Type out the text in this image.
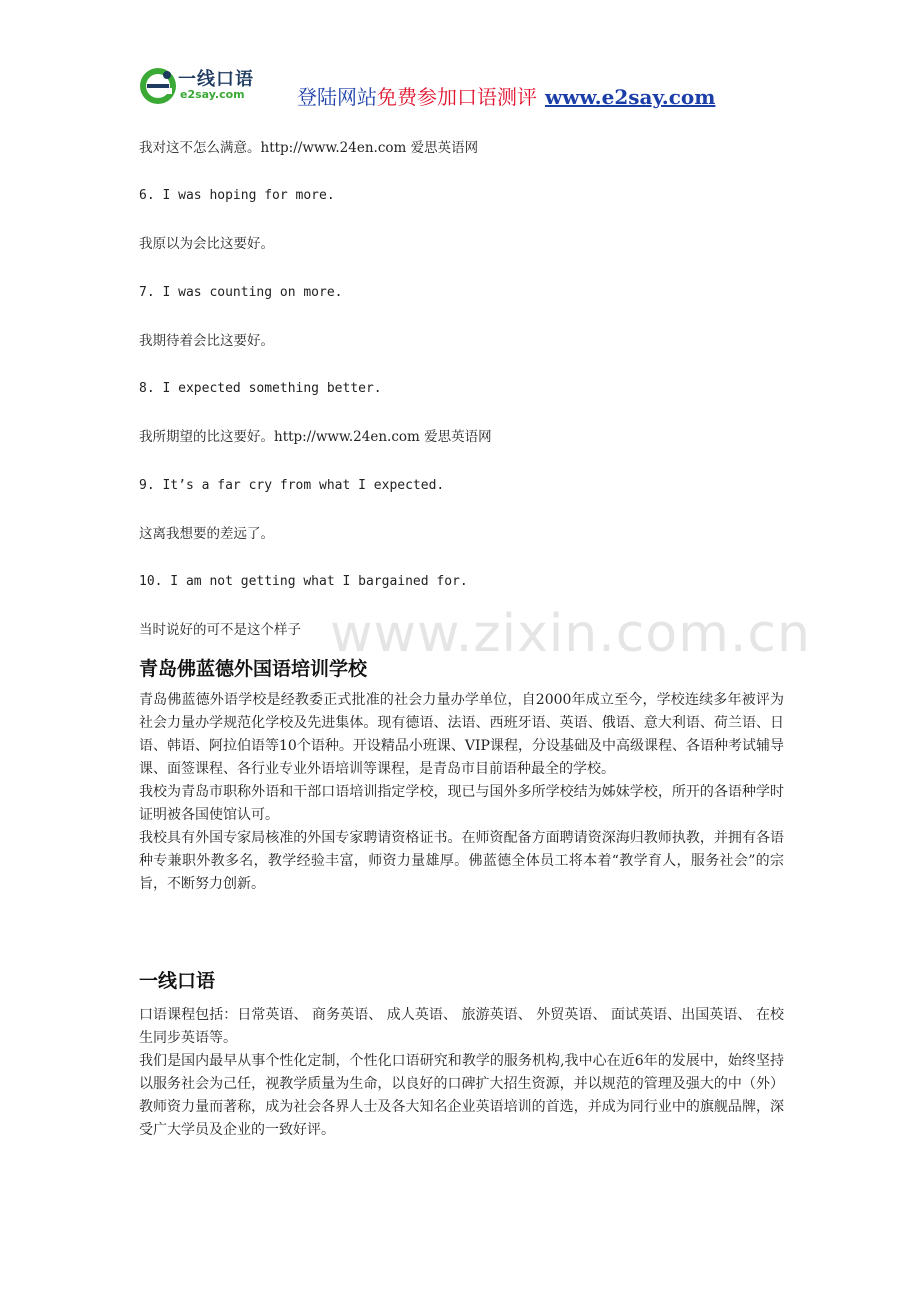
一线口语
e2say.com	登陆网站免费参加口语测评 www.e2say.com
我对这不怎么满意。http://www.24en.com 爱思英语网
6. I was hoping for more.
我原以为会比这要好。
7. I was counting on more.
我期待着会比这要好。
8. I expected something better.
我所期望的比这要好。http://www.24en.com 爱思英语网
9. It’s a far cry from what I expected.
这离我想要的差远了。
10. I am not getting what I bargained for.
当时说好的可不是这个样子 www.zixin.com.cn
青岛佛蓝德外国语培训学校

青岛佛蓝德外语学校是经教委正式批准的社会力量办学单位，自2000年成立至今，学校连续多年被评为社会力量办学规范化学校及先进集体。现有德语、法语、西班牙语、英语、俄语、意大利语、荷兰语、日语、韩语、阿拉伯语等10个语种。开设精品小班课、VIP课程，分设基础及中高级课程、各语种考试辅导课、面签课程、各行业专业外语培训等课程，是青岛市目前语种最全的学校。

我校为青岛市职称外语和干部口语培训指定学校，现已与国外多所学校结为姊妹学校，所开的各语种学时证明被各国使馆认可。

我校具有外国专家局核准的外国专家聘请资格证书。在师资配备方面聘请资深海归教师执教，并拥有各语种专兼职外教多名，教学经验丰富，师资力量雄厚。佛蓝德全体员工将本着“教学育人，服务社会”的宗旨，不断努力创新。

一线口语

口语课程包括：日常英语、 商务英语、 成人英语、 旅游英语、 外贸英语、 面试英语、出国英语、 在校生同步英语等。

我们是国内最早从事个性化定制，个性化口语研究和教学的服务机构,我中心在近6年的发展中，始终坚持以服务社会为己任，视教学质量为生命，以良好的口碑扩大招生资源，并以规范的管理及强大的中（外）教师资力量而著称，成为社会各界人士及各大知名企业英语培训的首选，并成为同行业中的旗舰品牌，深受广大学员及企业的一致好评。
